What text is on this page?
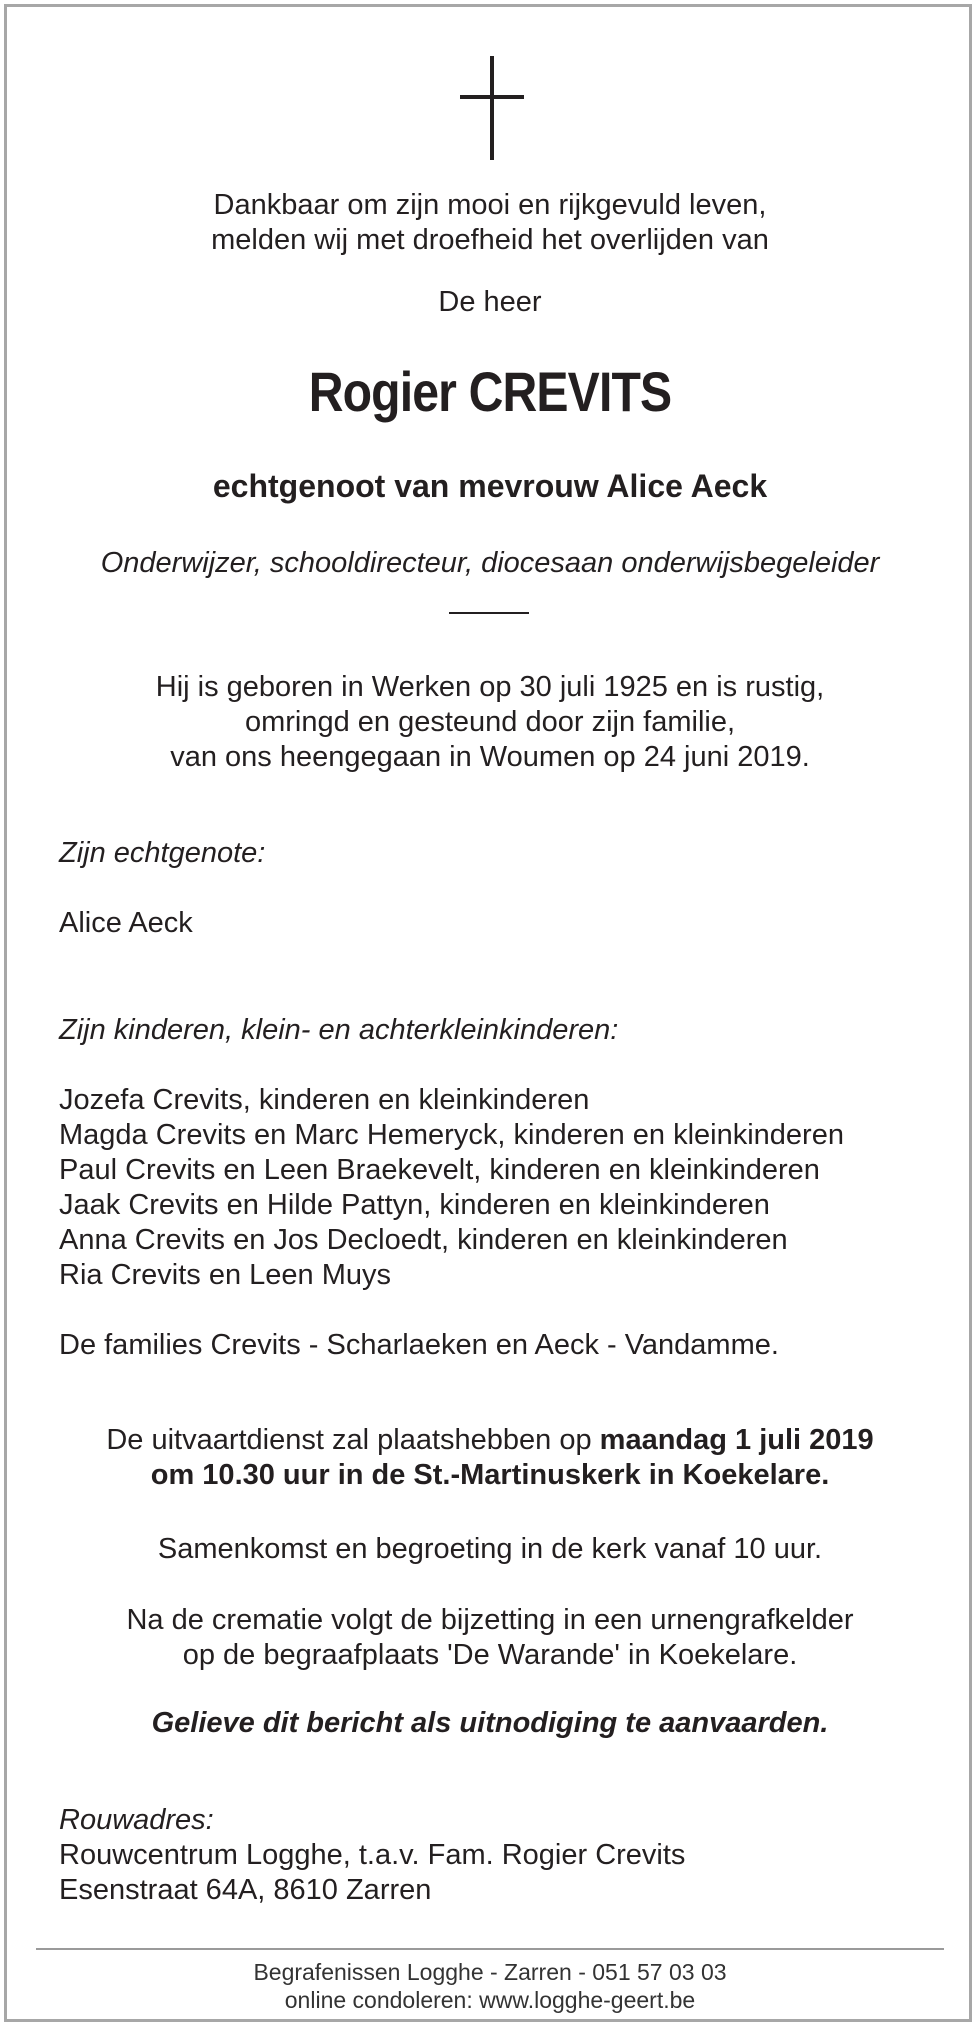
Dankbaar om zijn mooi en rijkgevuld leven,
melden wij met droefheid het overlijden van
De heer
Rogier CREVITS
echtgenoot van mevrouw Alice Aeck
Onderwijzer, schooldirecteur, diocesaan onderwijsbegeleider
Hij is geboren in Werken op 30 juli 1925 en is rustig,
omringd en gesteund door zijn familie,
van ons heengegaan in Woumen op 24 juni 2019.
Zijn echtgenote:
Alice Aeck
Zijn kinderen, klein- en achterkleinkinderen:
Jozefa Crevits, kinderen en kleinkinderen
Magda Crevits en Marc Hemeryck, kinderen en kleinkinderen
Paul Crevits en Leen Braekevelt, kinderen en kleinkinderen
Jaak Crevits en Hilde Pattyn, kinderen en kleinkinderen
Anna Crevits en Jos Decloedt, kinderen en kleinkinderen
Ria Crevits en Leen Muys
De families Crevits - Scharlaeken en Aeck - Vandamme.
De uitvaartdienst zal plaatshebben op maandag 1 juli 2019
om 10.30 uur in de St.-Martinuskerk in Koekelare.
Samenkomst en begroeting in de kerk vanaf 10 uur.
Na de crematie volgt de bijzetting in een urnengrafkelder
op de begraafplaats 'De Warande' in Koekelare.
Gelieve dit bericht als uitnodiging te aanvaarden.
Rouwadres:
Rouwcentrum Logghe, t.a.v. Fam. Rogier Crevits
Esenstraat 64A, 8610 Zarren
Begrafenissen Logghe - Zarren - 051 57 03 03
online condoleren: www.logghe-geert.be
